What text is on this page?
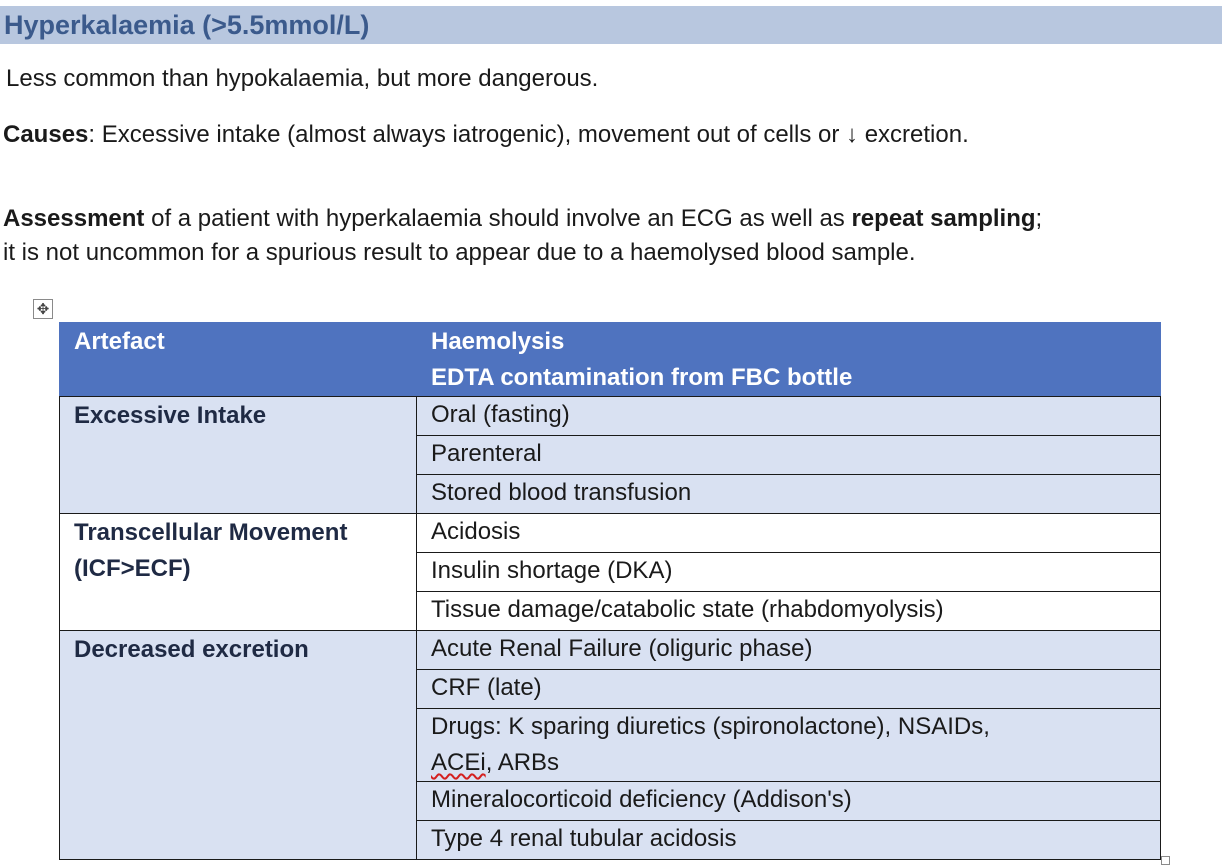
Hyperkalaemia (>5.5mmol/L)

Less common than hypokalaemia, but more dangerous.

Causes: Excessive intake (almost always iatrogenic), movement out of cells or ↓ excretion.

Assessment of a patient with hyperkalaemia should involve an ECG as well as repeat sampling;
it is not uncommon for a spurious result to appear due to a haemolysed blood sample.

✥
Artefact	Haemolysis
EDTA contamination from FBC bottle
Excessive Intake	Oral (fasting)
	Parenteral
	Stored blood transfusion
Transcellular Movement
(ICF>ECF)	Acidosis
	Insulin shortage (DKA)
	Tissue damage/catabolic state (rhabdomyolysis)
Decreased excretion	Acute Renal Failure (oliguric phase)
	CRF (late)
	Drugs: K sparing diuretics (spironolactone), NSAIDs,
ACEi, ARBs
	Mineralocorticoid deficiency (Addison's)
	Type 4 renal tubular acidosis
